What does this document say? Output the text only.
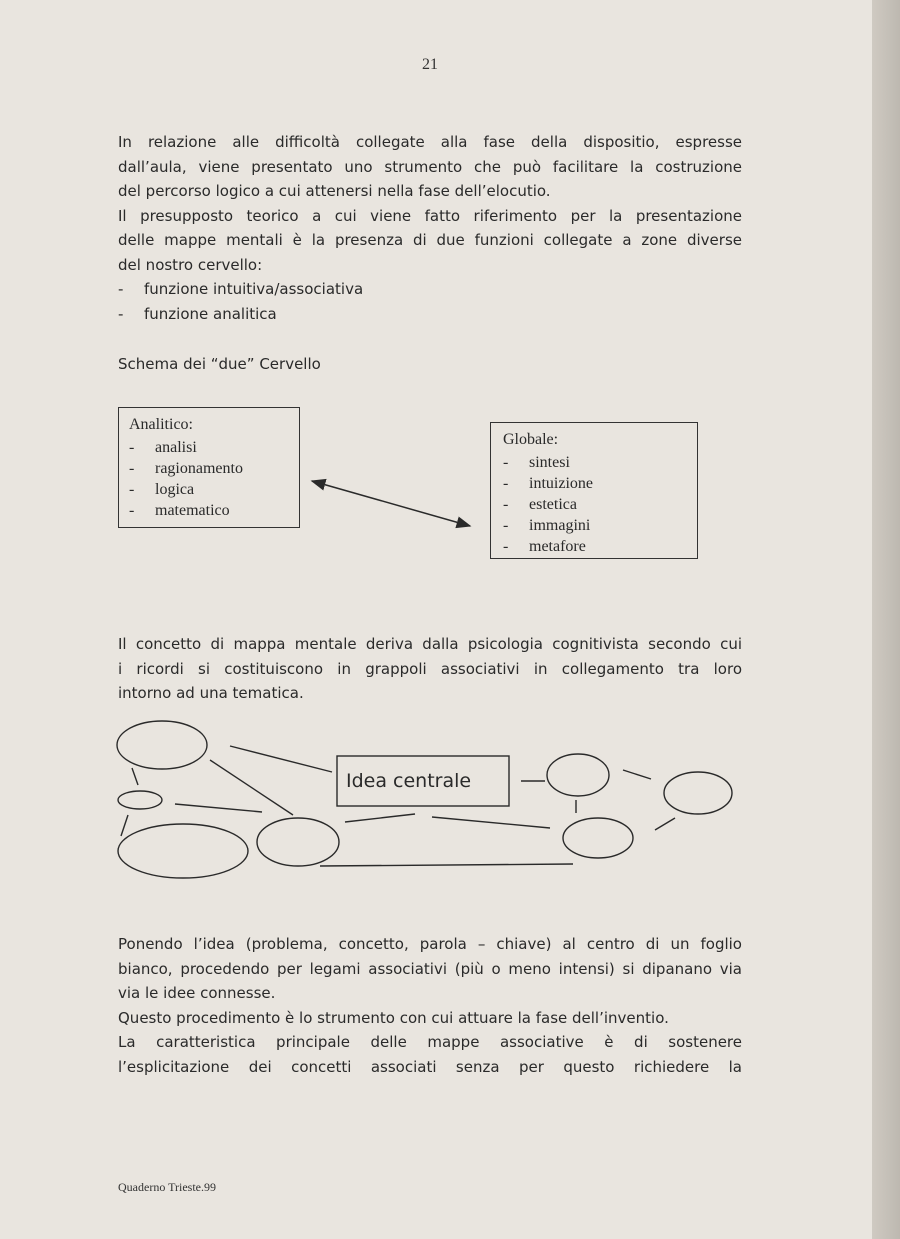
21
In relazione alle difficoltà collegate alla fase della dispositio, espresse
dall’aula, viene presentato uno strumento che può facilitare la costruzione
del percorso logico a cui attenersi nella fase dell’elocutio.
Il presupposto teorico a cui viene fatto riferimento per la presentazione
delle mappe mentali è la presenza di due funzioni collegate a zone diverse
del nostro cervello:
- funzione intuitiva/associativa
- funzione analitica
Schema dei “due” Cervello
Analitico:
- analisi
- ragionamento
- logica
- matematico
Globale:
- sintesi
- intuizione
- estetica
- immagini
- metafore
Il concetto di mappa mentale deriva dalla psicologia cognitivista secondo cui
i ricordi si costituiscono in grappoli associativi in collegamento tra loro
intorno ad una tematica.
Idea centrale
Ponendo l’idea (problema, concetto, parola – chiave) al centro di un foglio
bianco, procedendo per legami associativi (più o meno intensi) si dipanano via
via le idee connesse.
Questo procedimento è lo strumento con cui attuare la fase dell’inventio.
La caratteristica principale delle mappe associative è di sostenere
l’esplicitazione dei concetti associati senza per questo richiedere la
Quaderno Trieste.99
